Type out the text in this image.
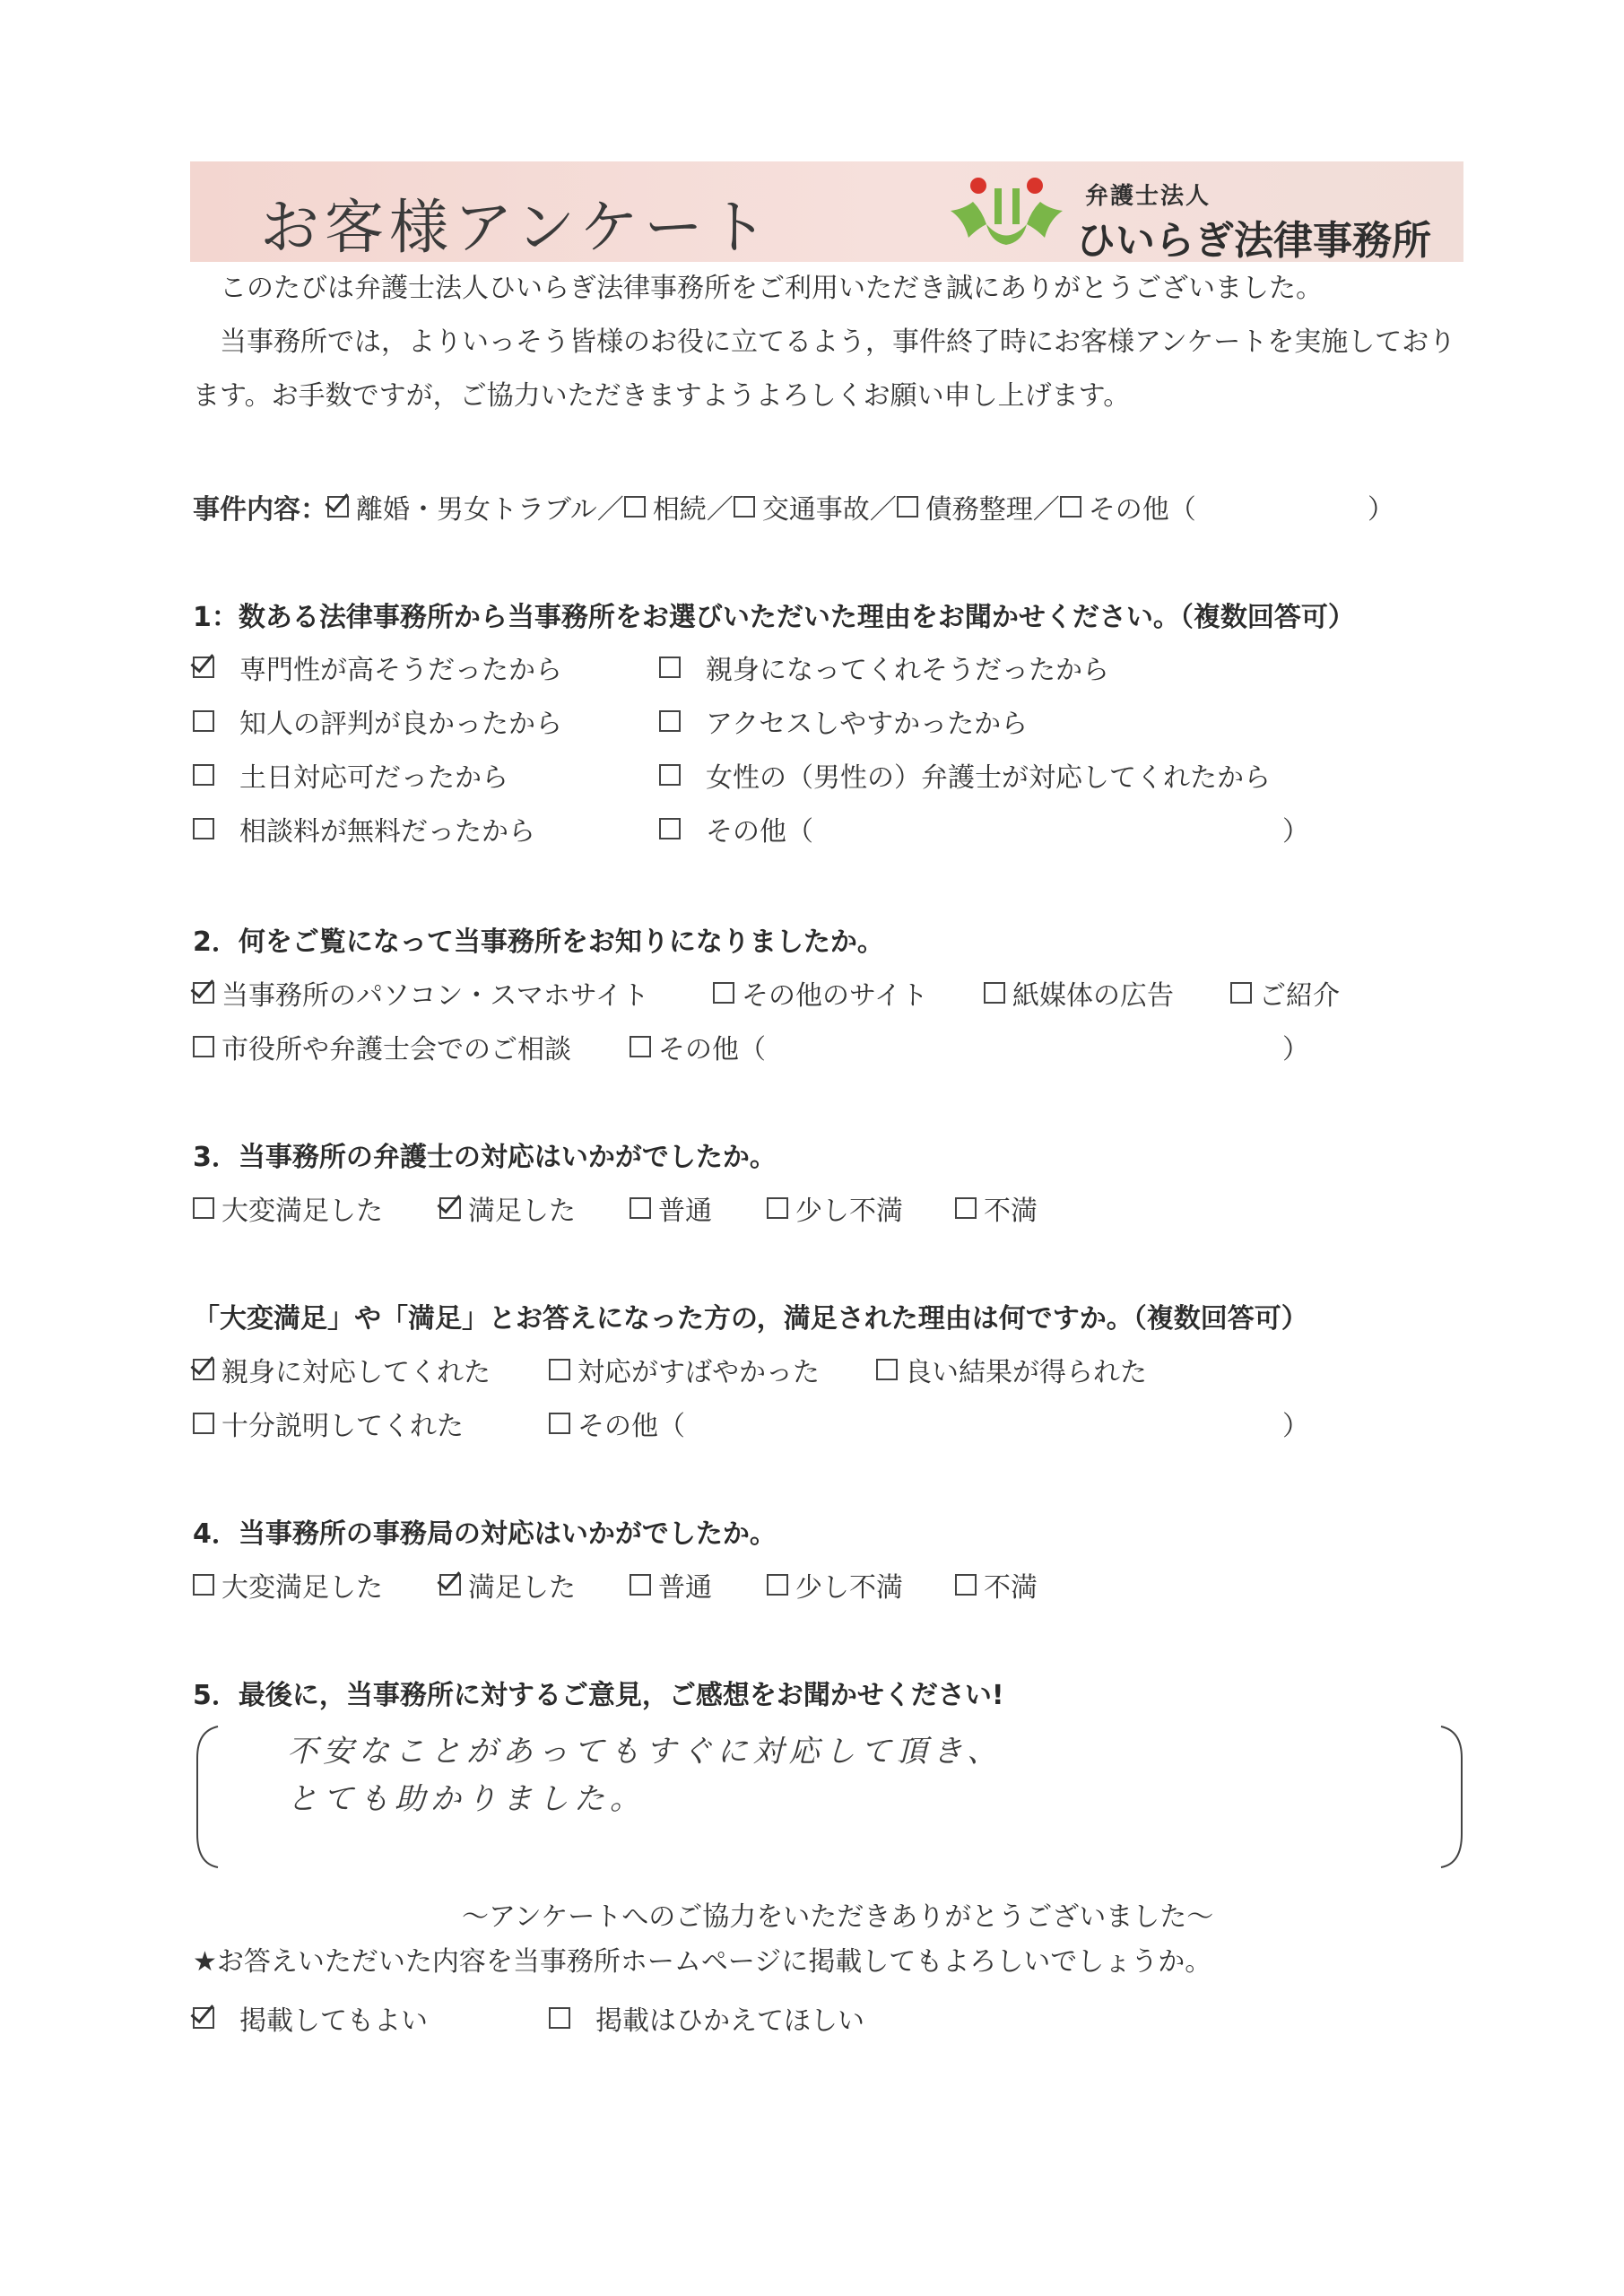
お客様アンケート	弁護士法人
ひいらぎ法律事務所
このたびは弁護士法人ひいらぎ法律事務所をご利用いただき誠にありがとうございました。
当事務所では，よりいっそう皆様のお役に立てるよう，事件終了時にお客様アンケートを実施しており
ます。お手数ですが，ご協力いただきますようよろしくお願い申し上げます。
事件内容： 離婚・男女トラブル／ 相続／ 交通事故／ 債務整理／ その他（	）
1：数ある法律事務所から当事務所をお選びいただいた理由をお聞かせください。（複数回答可）
専門性が高そうだったから	親身になってくれそうだったから
知人の評判が良かったから	アクセスしやすかったから
土日対応可だったから	女性の（男性の）弁護士が対応してくれたから
相談料が無料だったから	その他（	）
2．何をご覧になって当事務所をお知りになりましたか。
当事務所のパソコン・スマホサイト	その他のサイト	紙媒体の広告	ご紹介
市役所や弁護士会でのご相談	その他（	）
3．当事務所の弁護士の対応はいかがでしたか。
大変満足した	満足した	普通	少し不満	不満
「大変満足」や「満足」とお答えになった方の，満足された理由は何ですか。（複数回答可）
親身に対応してくれた	対応がすばやかった	良い結果が得られた
十分説明してくれた	その他（	）
4．当事務所の事務局の対応はいかがでしたか。
大変満足した	満足した	普通	少し不満	不満
5．最後に，当事務所に対するご意見，ご感想をお聞かせください!
不安なことがあってもすぐに対応して頂き、
とても助かりました。
～アンケートへのご協力をいただきありがとうございました～
★お答えいただいた内容を当事務所ホームページに掲載してもよろしいでしょうか。
掲載してもよい	掲載はひかえてほしい
